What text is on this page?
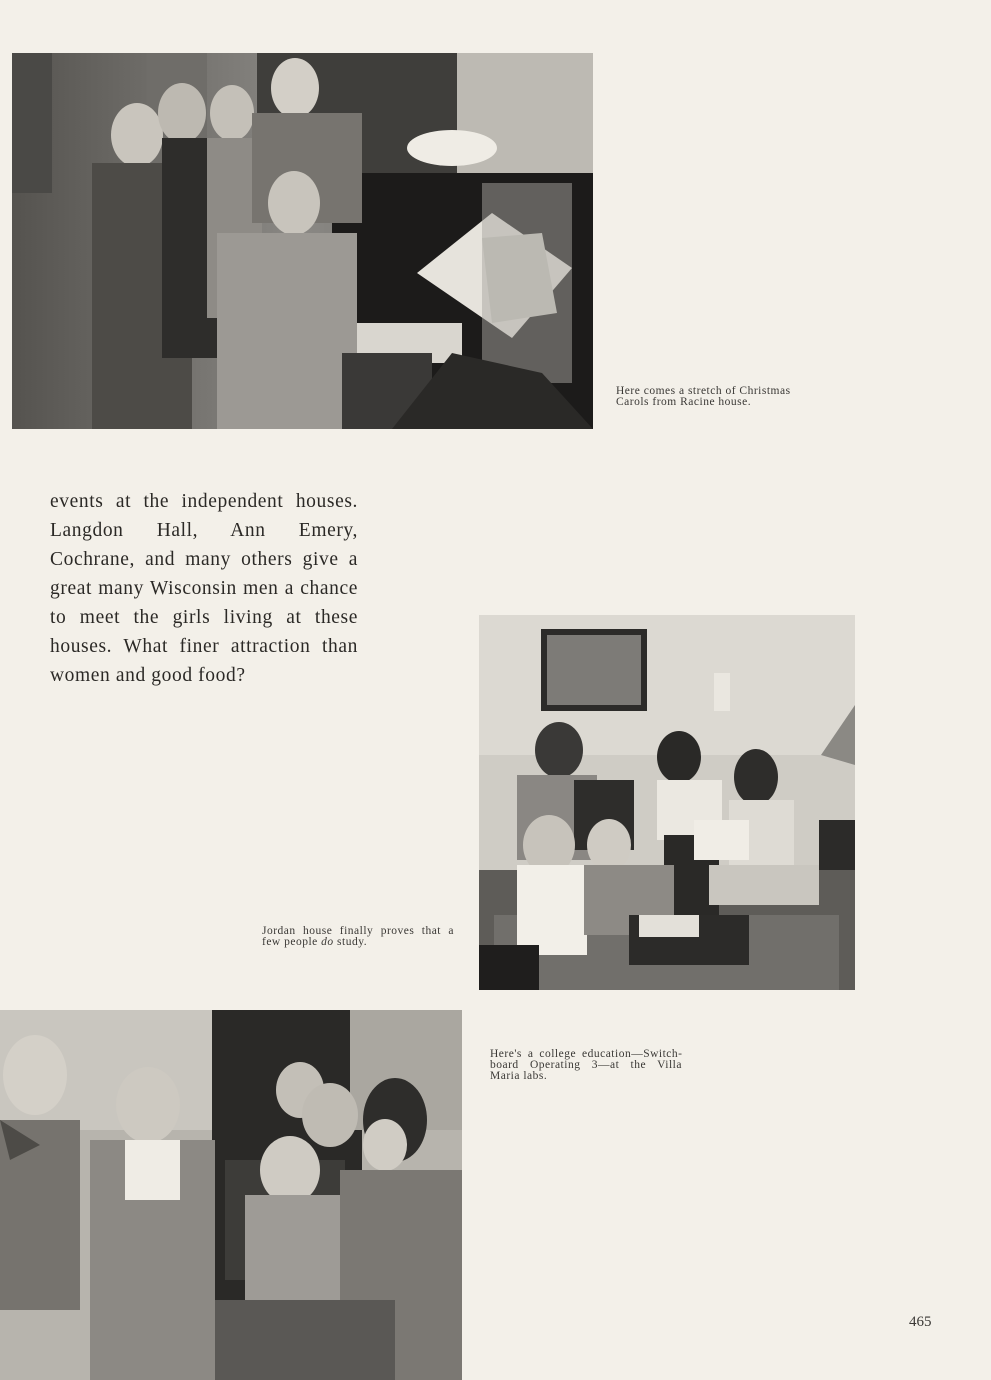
Here comes a stretch of Christmas
Carols from Racine house.
events at the independent houses. Langdon Hall, Ann Emery, Cochrane, and many others give a great many Wisconsin men a chance to meet the girls living at these houses. What finer attraction than women and good food?
Jordan house finally proves that a few people do study.
Here's a college education—Switchboard Operating 3—at the Villa Maria labs.
465
